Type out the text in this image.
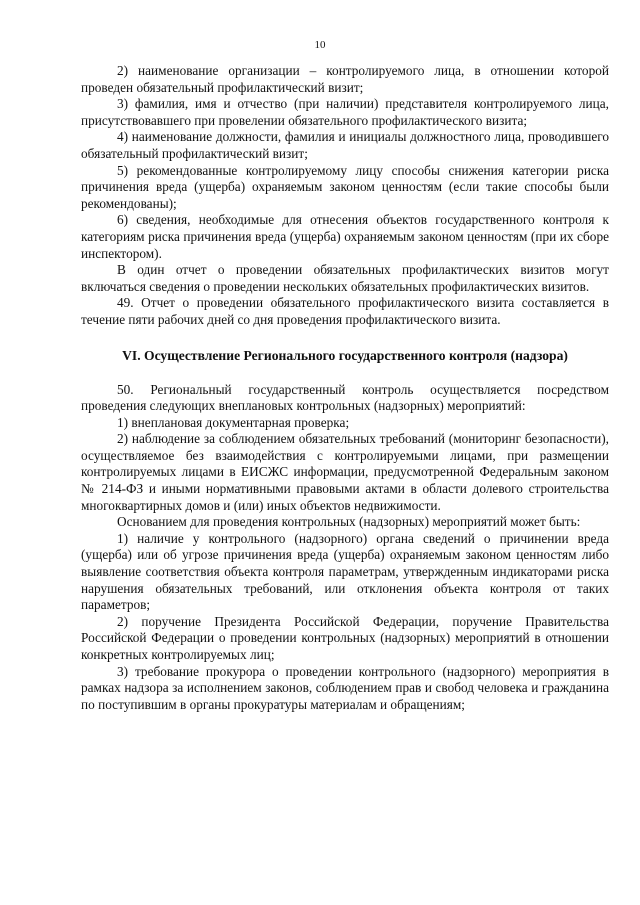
10

2) наименование организации – контролируемого лица, в отношении которой проведен обязательный профилактический визит;

3) фамилия, имя и отчество (при наличии) представителя контролируемого лица, присутствовавшего при провелении обязательного профилактического визита;

4) наименование должности, фамилия и инициалы должностного лица, проводившего обязательный профилактический визит;

5) рекомендованные контролируемому лицу способы снижения категории риска причинения вреда (ущерба) охраняемым законом ценностям (если такие способы были рекомендованы);

6) сведения, необходимые для отнесения объектов государственного контроля к категориям риска причинения вреда (ущерба) охраняемым законом ценностям (при их сборе инспектором).

В один отчет о проведении обязательных профилактических визитов могут включаться сведения о проведении нескольких обязательных профилактических визитов.

49. Отчет о проведении обязательного профилактического визита составляется в течение пяти рабочих дней со дня проведения профилактического визита.

VI. Осуществление Регионального государственного контроля (надзора)

50. Региональный государственный контроль осуществляется посредством проведения следующих внеплановых контрольных (надзорных) мероприятий:

1) внеплановая документарная проверка;

2) наблюдение за соблюдением обязательных требований (мониторинг безопасности), осуществляемое без взаимодействия с контролируемыми лицами, при размещении контролируемых лицами в ЕИСЖС информации, предусмотренной Федеральным законом № 214-ФЗ и иными нормативными правовыми актами в области долевого строительства многоквартирных домов и (или) иных объектов недвижимости.

Основанием для проведения контрольных (надзорных) мероприятий может быть:

1) наличие у контрольного (надзорного) органа сведений о причинении вреда (ущерба) или об угрозе причинения вреда (ущерба) охраняемым законом ценностям либо выявление соответствия объекта контроля параметрам, утвержденным индикаторами риска нарушения обязательных требований, или отклонения объекта контроля от таких параметров;

2) поручение Президента Российской Федерации, поручение Правительства Российской Федерации о проведении контрольных (надзорных) мероприятий в отношении конкретных контролируемых лиц;

3) требование прокурора о проведении контрольного (надзорного) мероприятия в рамках надзора за исполнением законов, соблюдением прав и свобод человека и гражданина по поступившим в органы прокуратуры материалам и обращениям;
